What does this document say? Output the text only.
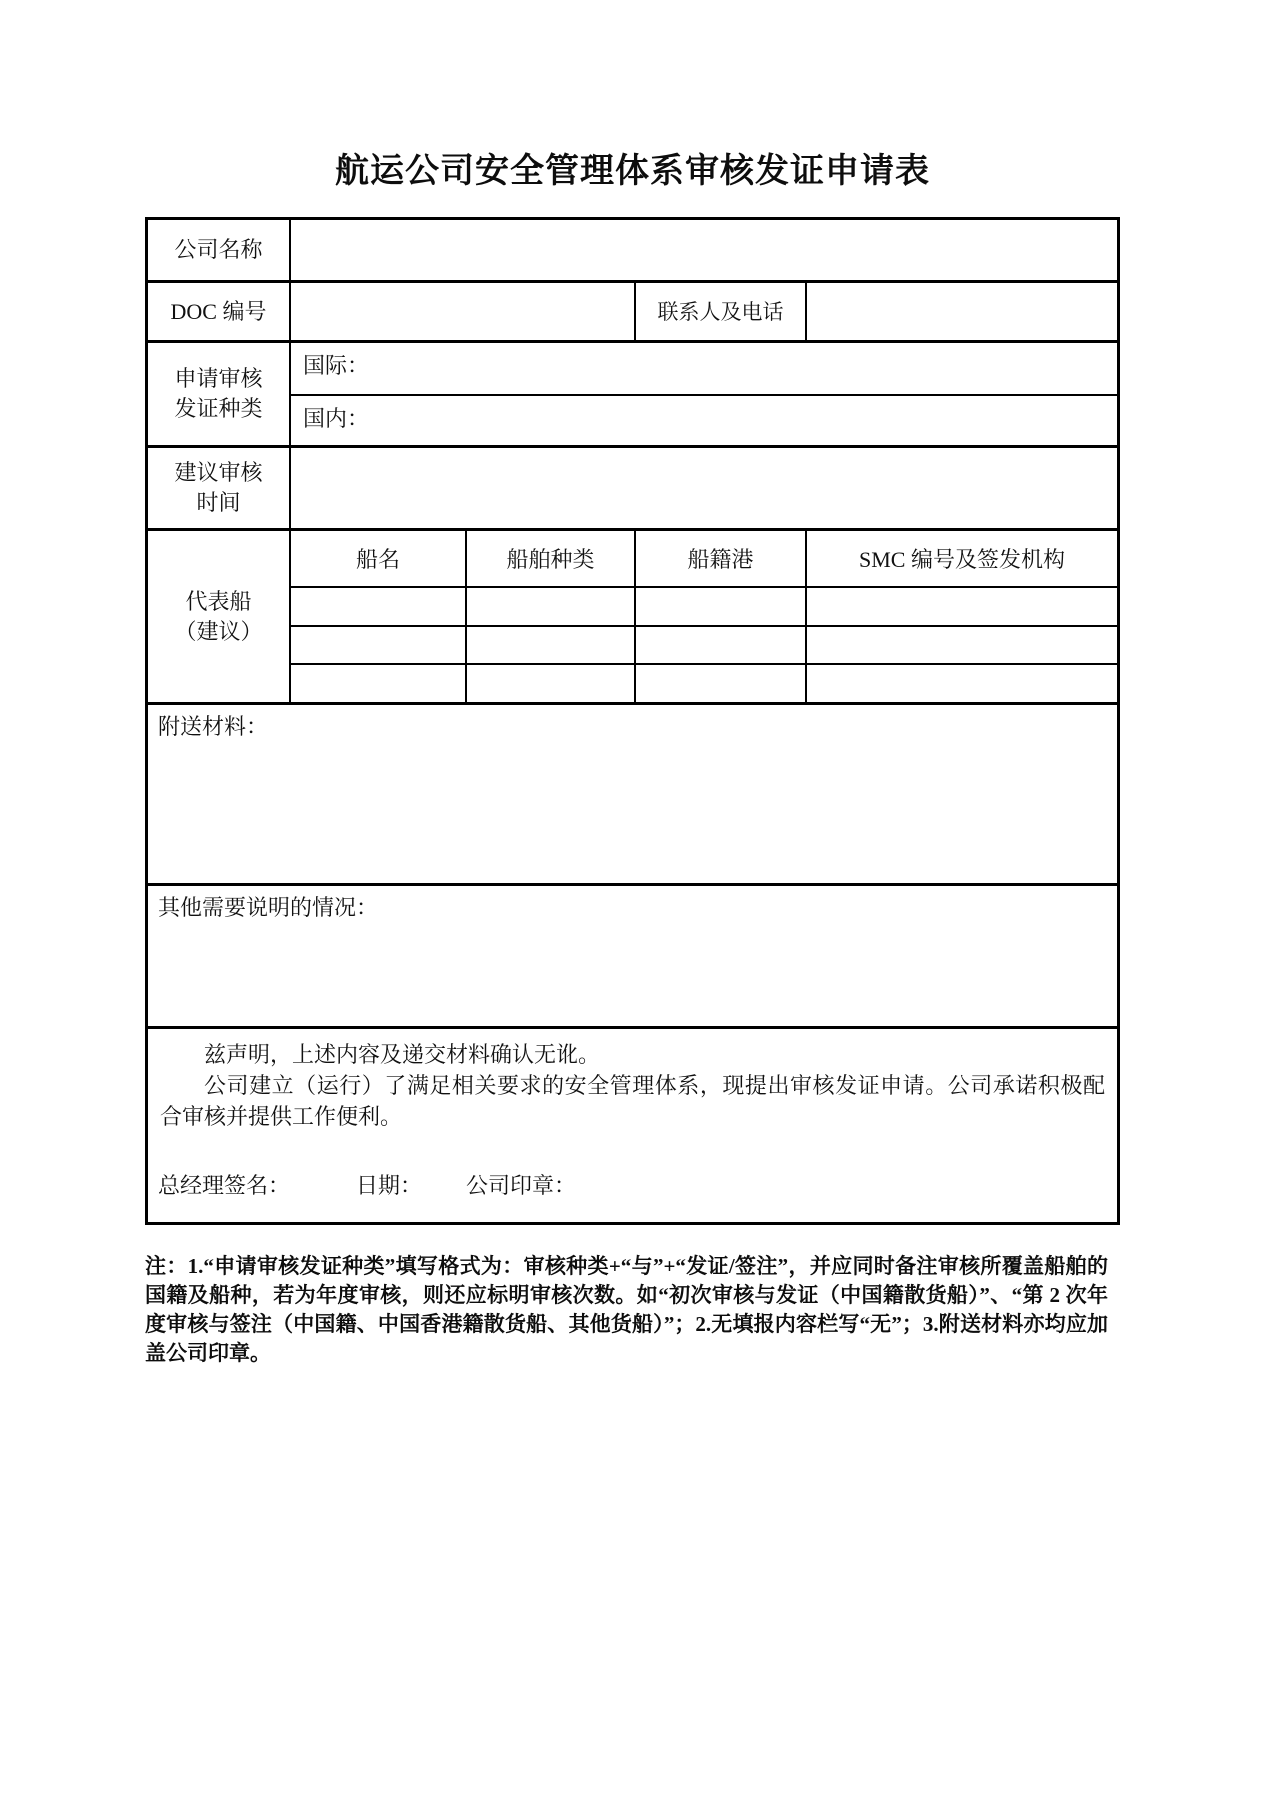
航运公司安全管理体系审核发证申请表
公司名称
DOC 编号	联系人及电话
申请审核
发证种类
国际：
国内：
建议审核
时间
代表船
（建议）
船名	船舶种类	船籍港	SMC 编号及签发机构
附送材料：
其他需要说明的情况：
兹声明，上述内容及递交材料确认无讹。
公司建立（运行）了满足相关要求的安全管理体系，现提出审核发证申请。公司承诺积极配合审核并提供工作便利。
总经理签名：	日期： 公司印章：
注：1.“申请审核发证种类”填写格式为：审核种类+“与”+“发证/签注”，并应同时备注审核所覆盖船舶的国籍及船种，若为年度审核，则还应标明审核次数。如“初次审核与发证（中国籍散货船）”、“第 2 次年度审核与签注（中国籍、中国香港籍散货船、其他货船）”；2.无填报内容栏写“无”；3.附送材料亦均应加盖公司印章。
